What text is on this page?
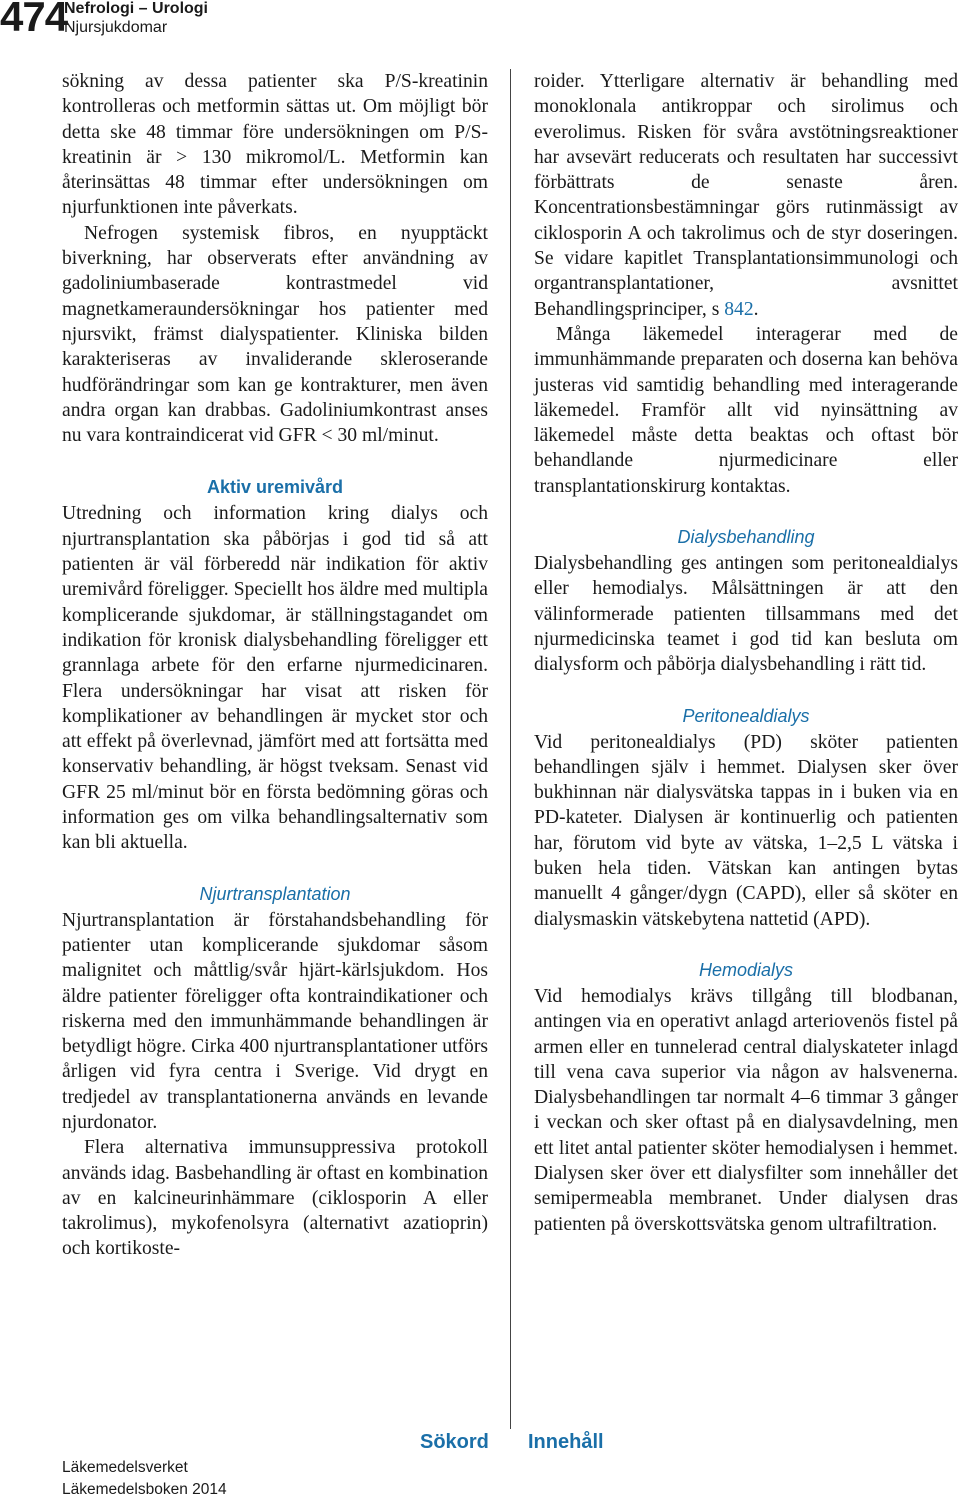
474
Nefrologi – Urologi
Njursjukdomar

sökning av dessa patienter ska P/S-kreatinin kontrolleras och metformin sättas ut. Om möjligt bör detta ske 48 timmar före undersökningen om P/S-kreatinin är > 130 mikromol/L. Metformin kan återinsättas 48 timmar efter undersökningen om njurfunktionen inte påverkats.

Nefrogen systemisk fibros, en nyupptäckt biverkning, har observerats efter användning av gadoliniumbaserade kontrastmedel vid magnetkameraundersökningar hos patienter med njursvikt, främst dialyspatienter. Kliniska bilden karakteriseras av invaliderande skleroserande hudförändringar som kan ge kontrakturer, men även andra organ kan drabbas. Gadoliniumkontrast anses nu vara kontraindicerat vid GFR < 30 ml/minut.

Aktiv uremivård

Utredning och information kring dialys och njurtransplantation ska påbörjas i god tid så att patienten är väl förberedd när indikation för aktiv uremivård föreligger. Speciellt hos äldre med multipla komplicerande sjukdomar, är ställningstagandet om indikation för kronisk dialysbehandling föreligger ett grannlaga arbete för den erfarne njurmedicinaren. Flera undersökningar har visat att risken för komplikationer av behandlingen är mycket stor och att effekt på överlevnad, jämfört med att fortsätta med konservativ behandling, är högst tveksam. Senast vid GFR 25 ml/minut bör en första bedömning göras och information ges om vilka behandlingsalternativ som kan bli aktuella.

Njurtransplantation

Njurtransplantation är förstahandsbehandling för patienter utan komplicerande sjukdomar såsom malignitet och måttlig/svår hjärt-kärlsjukdom. Hos äldre patienter föreligger ofta kontraindikationer och riskerna med den immunhämmande behandlingen är betydligt högre. Cirka 400 njurtransplantationer utförs årligen vid fyra centra i Sverige. Vid drygt en tredjedel av transplantationerna används en levande njurdonator.

Flera alternativa immunsuppressiva protokoll används idag. Basbehandling är oftast en kombination av en kalcineurinhämmare (ciklosporin A eller takrolimus), mykofenolsyra (alternativt azatioprin) och kortikoste-

roider. Ytterligare alternativ är behandling med monoklonala antikroppar och sirolimus och everolimus. Risken för svåra avstötningsreaktioner har avsevärt reducerats och resultaten har successivt förbättrats de senaste åren. Koncentrationsbestämningar görs rutinmässigt av ciklosporin A och takrolimus och de styr doseringen. Se vidare kapitlet Transplantationsimmunologi och organtransplantationer, avsnittet Behandlingsprinciper, s 842.

Många läkemedel interagerar med de immunhämmande preparaten och doserna kan behöva justeras vid samtidig behandling med interagerande läkemedel. Framför allt vid nyinsättning av läkemedel måste detta beaktas och oftast bör behandlande njurmedicinare eller transplantationskirurg kontaktas.

Dialysbehandling

Dialysbehandling ges antingen som peritonealdialys eller hemodialys. Målsättningen är att den välinformerade patienten tillsammans med det njurmedicinska teamet i god tid kan besluta om dialysform och påbörja dialysbehandling i rätt tid.

Peritonealdialys

Vid peritonealdialys (PD) sköter patienten behandlingen själv i hemmet. Dialysen sker över bukhinnan när dialysvätska tappas in i buken via en PD-kateter. Dialysen är kontinuerlig och patienten har, förutom vid byte av vätska, 1–2,5 L vätska i buken hela tiden. Vätskan kan antingen bytas manuellt 4 gånger/dygn (CAPD), eller så sköter en dialysmaskin vätskebytena nattetid (APD).

Hemodialys

Vid hemodialys krävs tillgång till blodbanan, antingen via en operativt anlagd arteriovenös fistel på armen eller en tunnelerad central dialyskateter inlagd till vena cava superior via någon av halsvenerna. Dialysbehandlingen tar normalt 4–6 timmar 3 gånger i veckan och sker oftast på en dialysavdelning, men ett litet antal patienter sköter hemodialysen i hemmet. Dialysen sker över ett dialysfilter som innehåller det semipermeabla membranet. Under dialysen dras patienten på överskottsvätska genom ultrafiltration.

Sökord Innehåll
Läkemedelsverket
Läkemedelsboken 2014
